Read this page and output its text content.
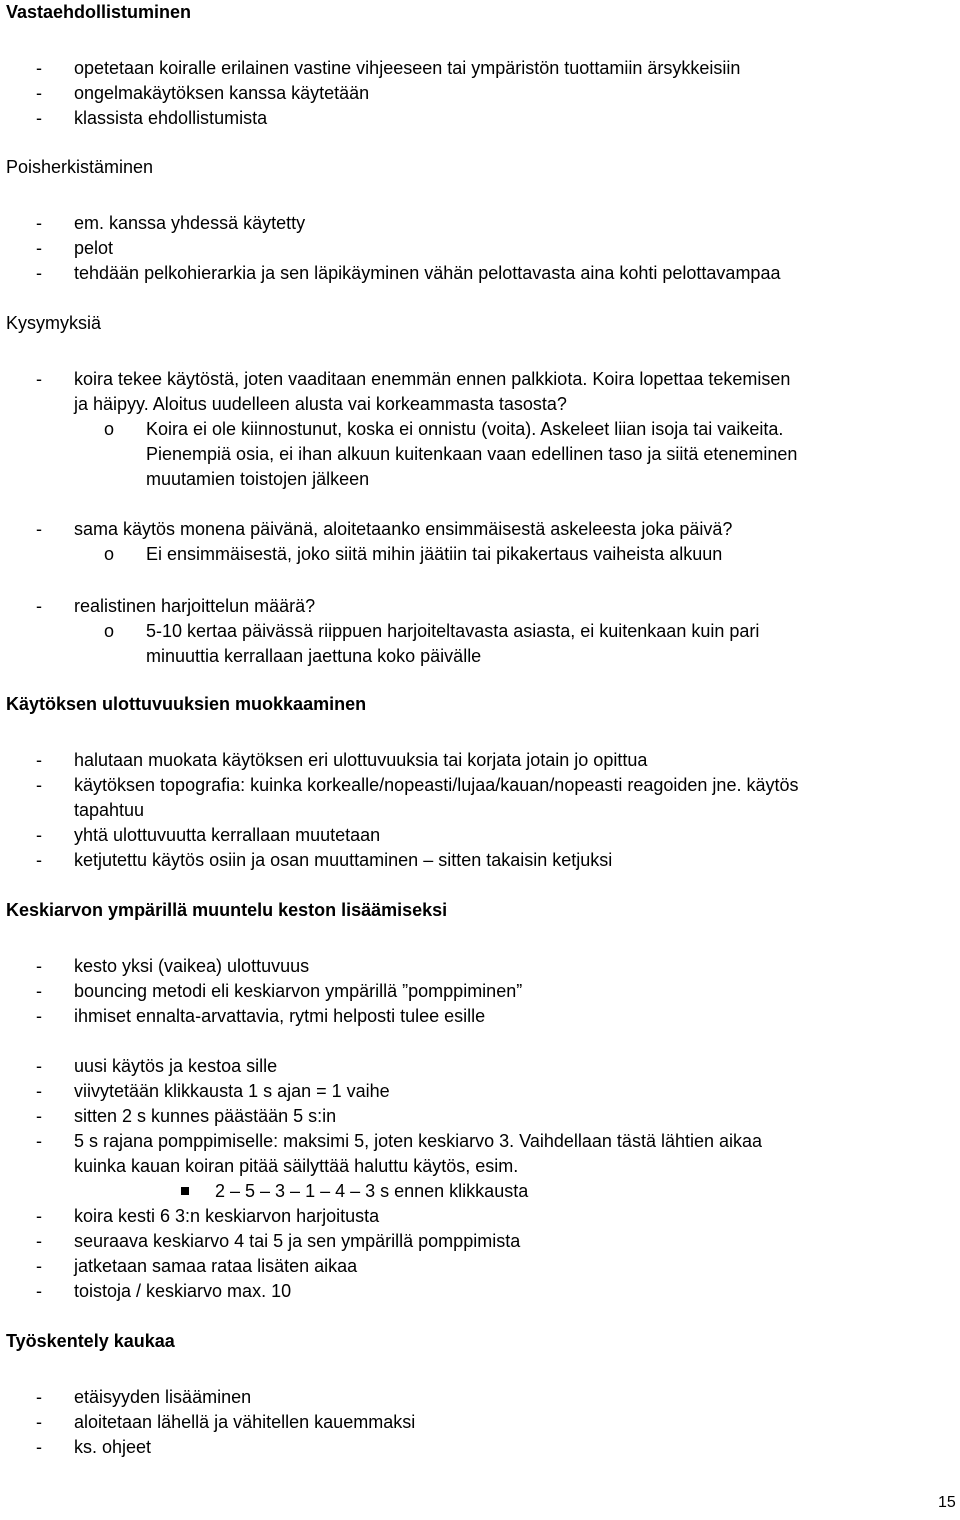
Vastaehdollistuminen
- opetetaan koiralle erilainen vastine vihjeeseen tai ympäristön tuottamiin ärsykkeisiin
- ongelmakäytöksen kanssa käytetään
- klassista ehdollistumista
Poisherkistäminen
- em. kanssa yhdessä käytetty
- pelot
- tehdään pelkohierarkia ja sen läpikäyminen vähän pelottavasta aina kohti pelottavampaa
Kysymyksiä
- koira tekee käytöstä, joten vaaditaan enemmän ennen palkkiota. Koira lopettaa tekemisen
ja häipyy. Aloitus uudelleen alusta vai korkeammasta tasosta?
o Koira ei ole kiinnostunut, koska ei onnistu (voita). Askeleet liian isoja tai vaikeita.
Pienempiä osia, ei ihan alkuun kuitenkaan vaan edellinen taso ja siitä eteneminen
muutamien toistojen jälkeen
- sama käytös monena päivänä, aloitetaanko ensimmäisestä askeleesta joka päivä?
o Ei ensimmäisestä, joko siitä mihin jäätiin tai pikakertaus vaiheista alkuun
- realistinen harjoittelun määrä?
o 5-10 kertaa päivässä riippuen harjoiteltavasta asiasta, ei kuitenkaan kuin pari
minuuttia kerrallaan jaettuna koko päivälle
Käytöksen ulottuvuuksien muokkaaminen
- halutaan muokata käytöksen eri ulottuvuuksia tai korjata jotain jo opittua
- käytöksen topografia: kuinka korkealle/nopeasti/lujaa/kauan/nopeasti reagoiden jne. käytös
tapahtuu
- yhtä ulottuvuutta kerrallaan muutetaan
- ketjutettu käytös osiin ja osan muuttaminen – sitten takaisin ketjuksi
Keskiarvon ympärillä muuntelu keston lisäämiseksi
- kesto yksi (vaikea) ulottuvuus
- bouncing metodi eli keskiarvon ympärillä ”pomppiminen”
- ihmiset ennalta-arvattavia, rytmi helposti tulee esille
- uusi käytös ja kestoa sille
- viivytetään klikkausta 1 s ajan = 1 vaihe
- sitten 2 s kunnes päästään 5 s:in
- 5 s rajana pomppimiselle: maksimi 5, joten keskiarvo 3. Vaihdellaan tästä lähtien aikaa
kuinka kauan koiran pitää säilyttää haluttu käytös, esim.
2 – 5 – 3 – 1 – 4 – 3 s ennen klikkausta
- koira kesti 6 3:n keskiarvon harjoitusta
- seuraava keskiarvo 4 tai 5 ja sen ympärillä pomppimista
- jatketaan samaa rataa lisäten aikaa
- toistoja / keskiarvo max. 10
Työskentely kaukaa
- etäisyyden lisääminen
- aloitetaan lähellä ja vähitellen kauemmaksi
- ks. ohjeet
15
